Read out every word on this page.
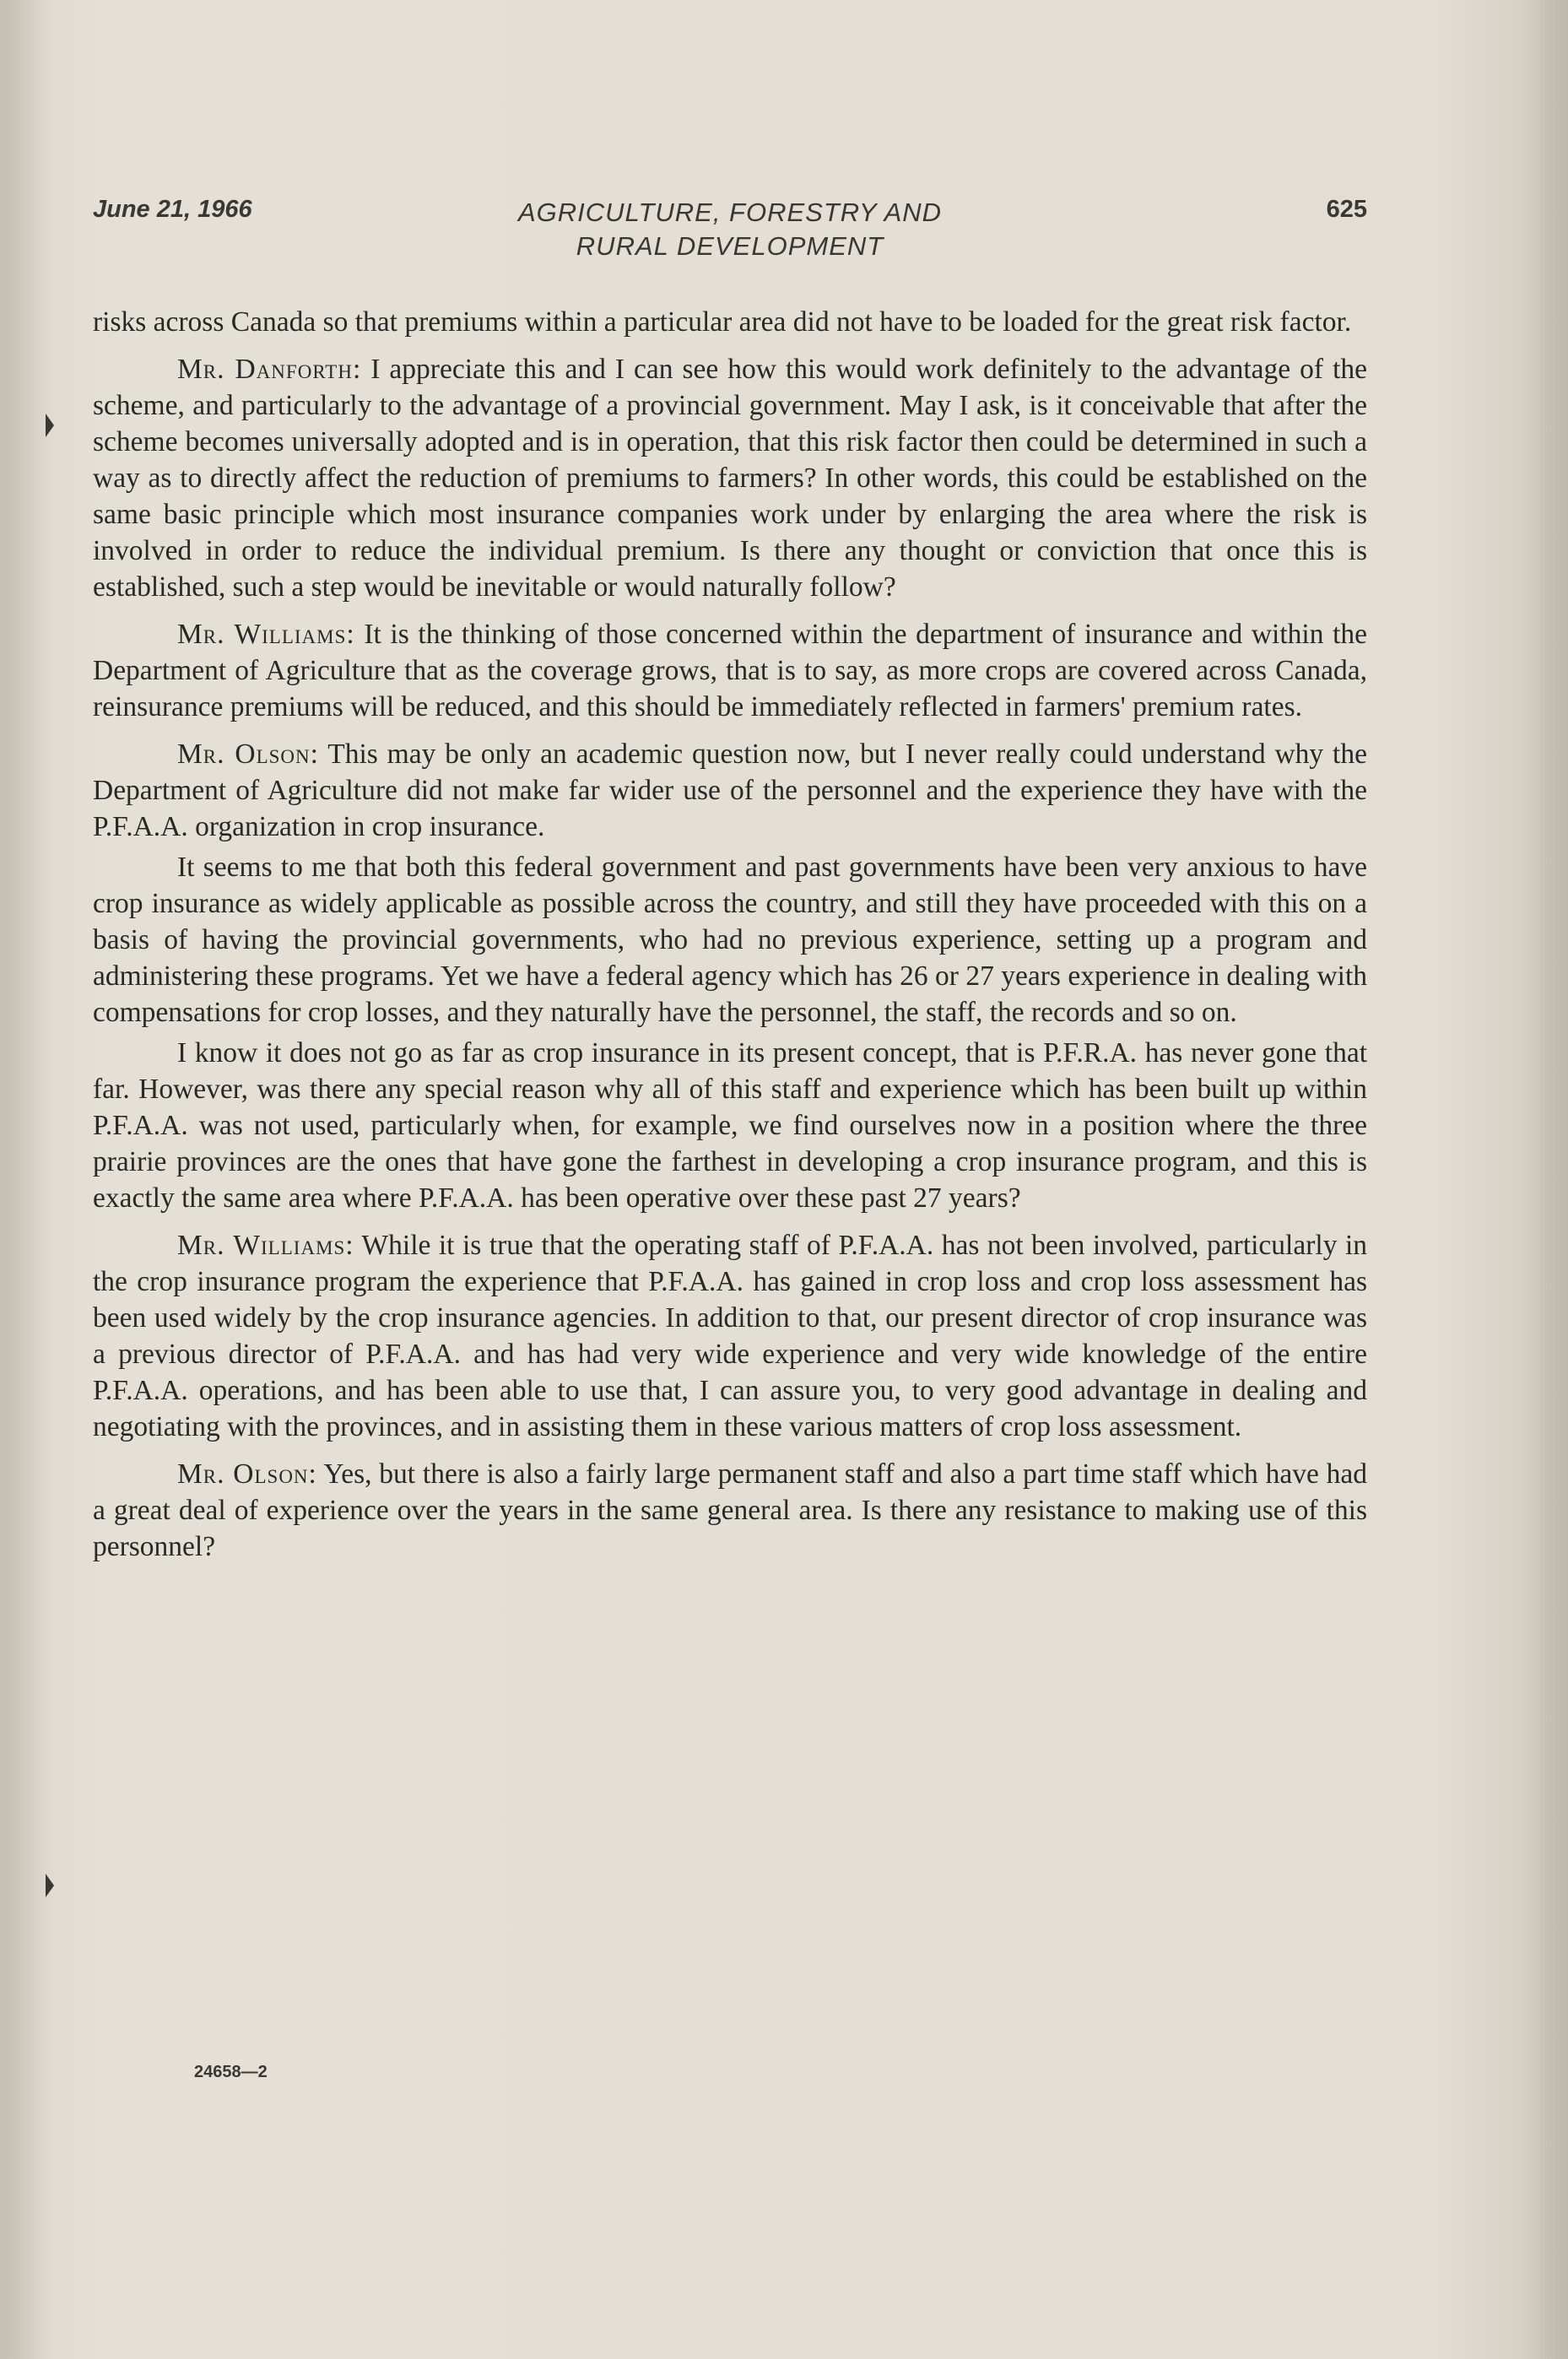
June 21, 1966	AGRICULTURE, FORESTRY AND
RURAL DEVELOPMENT
625

risks across Canada so that premiums within a particular area did not have to be loaded for the great risk factor.

Mr. Danforth: I appreciate this and I can see how this would work definitely to the advantage of the scheme, and particularly to the advantage of a provincial government. May I ask, is it conceivable that after the scheme becomes universally adopted and is in operation, that this risk factor then could be determined in such a way as to directly affect the reduction of premiums to farmers? In other words, this could be established on the same basic principle which most insurance companies work under by enlarging the area where the risk is involved in order to reduce the individual premium. Is there any thought or conviction that once this is established, such a step would be inevitable or would naturally follow?

Mr. Williams: It is the thinking of those concerned within the department of insurance and within the Department of Agriculture that as the coverage grows, that is to say, as more crops are covered across Canada, reinsurance premiums will be reduced, and this should be immediately reflected in farmers' premium rates.

Mr. Olson: This may be only an academic question now, but I never really could understand why the Department of Agriculture did not make far wider use of the personnel and the experience they have with the P.F.A.A. organization in crop insurance.

It seems to me that both this federal government and past governments have been very anxious to have crop insurance as widely applicable as possible across the country, and still they have proceeded with this on a basis of having the provincial governments, who had no previous experience, setting up a program and administering these programs. Yet we have a federal agency which has 26 or 27 years experience in dealing with compensations for crop losses, and they naturally have the personnel, the staff, the records and so on.

I know it does not go as far as crop insurance in its present concept, that is P.F.R.A. has never gone that far. However, was there any special reason why all of this staff and experience which has been built up within P.F.A.A. was not used, particularly when, for example, we find ourselves now in a position where the three prairie provinces are the ones that have gone the farthest in developing a crop insurance program, and this is exactly the same area where P.F.A.A. has been operative over these past 27 years?

Mr. Williams: While it is true that the operating staff of P.F.A.A. has not been involved, particularly in the crop insurance program the experience that P.F.A.A. has gained in crop loss and crop loss assessment has been used widely by the crop insurance agencies. In addition to that, our present director of crop insurance was a previous director of P.F.A.A. and has had very wide experience and very wide knowledge of the entire P.F.A.A. operations, and has been able to use that, I can assure you, to very good advantage in dealing and negotiating with the provinces, and in assisting them in these various matters of crop loss assessment.

Mr. Olson: Yes, but there is also a fairly large permanent staff and also a part time staff which have had a great deal of experience over the years in the same general area. Is there any resistance to making use of this personnel?

24658—2
